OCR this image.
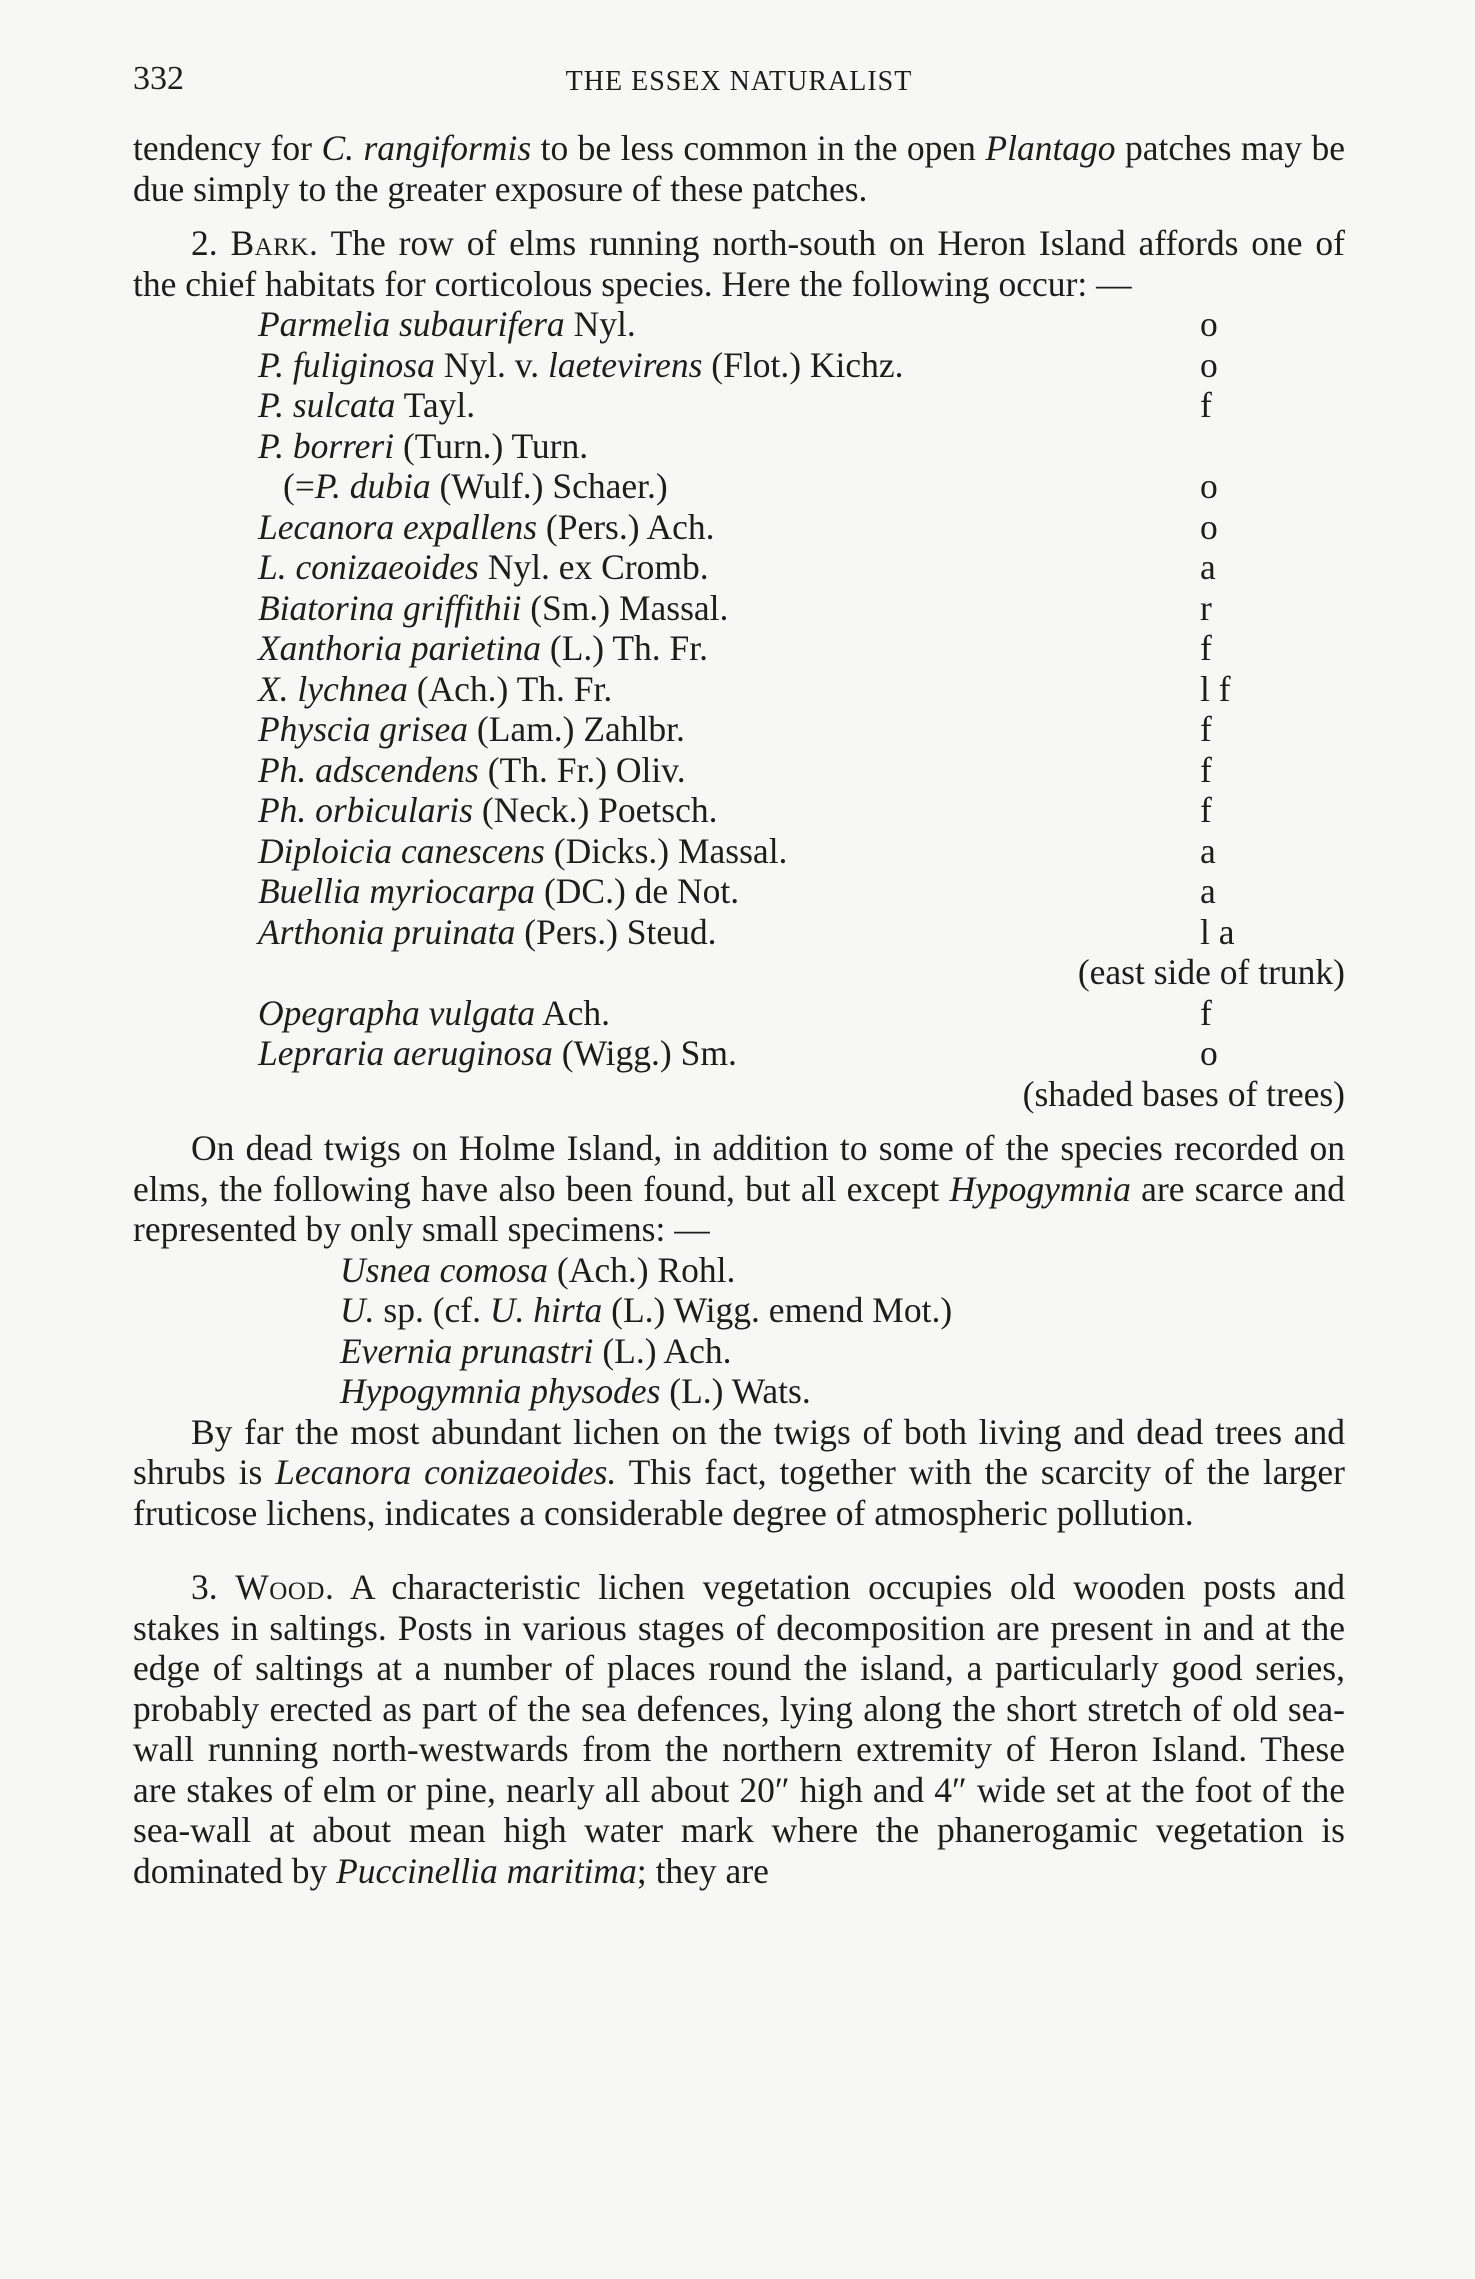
332	THE ESSEX NATURALIST

tendency for C. rangiformis to be less common in the open Plantago patches may be due simply to the greater exposure of these patches.

2. Bark. The row of elms running north-south on Heron Island affords one of the chief habitats for corticolous species. Here the following occur: —

Parmelia subaurifera Nyl.	o
P. fuliginosa Nyl. v. laetevirens (Flot.) Kichz.	o
P. sulcata Tayl.	f
P. borreri (Turn.) Turn.
(=P. dubia (Wulf.) Schaer.)	o
Lecanora expallens (Pers.) Ach.	o
L. conizaeoides Nyl. ex Cromb.	a
Biatorina griffithii (Sm.) Massal.	r
Xanthoria parietina (L.) Th. Fr.	f
X. lychnea (Ach.) Th. Fr.	l f
Physcia grisea (Lam.) Zahlbr.	f
Ph. adscendens (Th. Fr.) Oliv.	f
Ph. orbicularis (Neck.) Poetsch.	f
Diploicia canescens (Dicks.) Massal.	a
Buellia myriocarpa (DC.) de Not.	a
Arthonia pruinata (Pers.) Steud.	l a
(east side of trunk)
Opegrapha vulgata Ach.	f
Lepraria aeruginosa (Wigg.) Sm.	o
(shaded bases of trees)

On dead twigs on Holme Island, in addition to some of the species recorded on elms, the following have also been found, but all except Hypogymnia are scarce and represented by only small specimens: —

Usnea comosa (Ach.) Rohl.
U. sp. (cf. U. hirta (L.) Wigg. emend Mot.)
Evernia prunastri (L.) Ach.
Hypogymnia physodes (L.) Wats.

By far the most abundant lichen on the twigs of both living and dead trees and shrubs is Lecanora conizaeoides. This fact, together with the scarcity of the larger fruticose lichens, indicates a considerable degree of atmospheric pollution.

3. Wood. A characteristic lichen vegetation occupies old wooden posts and stakes in saltings. Posts in various stages of decomposition are present in and at the edge of saltings at a number of places round the island, a particularly good series, probably erected as part of the sea defences, lying along the short stretch of old sea-wall running north-westwards from the northern extremity of Heron Island. These are stakes of elm or pine, nearly all about 20″ high and 4″ wide set at the foot of the sea-wall at about mean high water mark where the phanerogamic vegetation is dominated by Puccinellia maritima; they are
